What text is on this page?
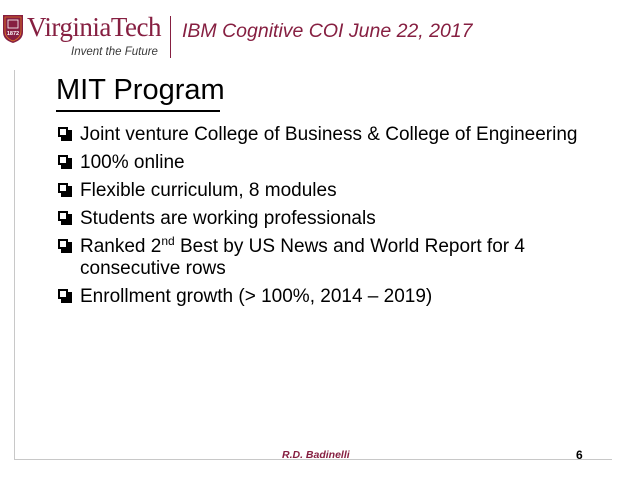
1872 VirginiaTech
Invent the Future
IBM Cognitive COI June 22, 2017
MIT Program
Joint venture College of Business & College of Engineering
100% online
Flexible curriculum, 8 modules
Students are working professionals
Ranked 2nd Best by US News and World Report for 4 consecutive rows
Enrollment growth (> 100%, 2014 – 2019)
R.D. Badinelli	6
